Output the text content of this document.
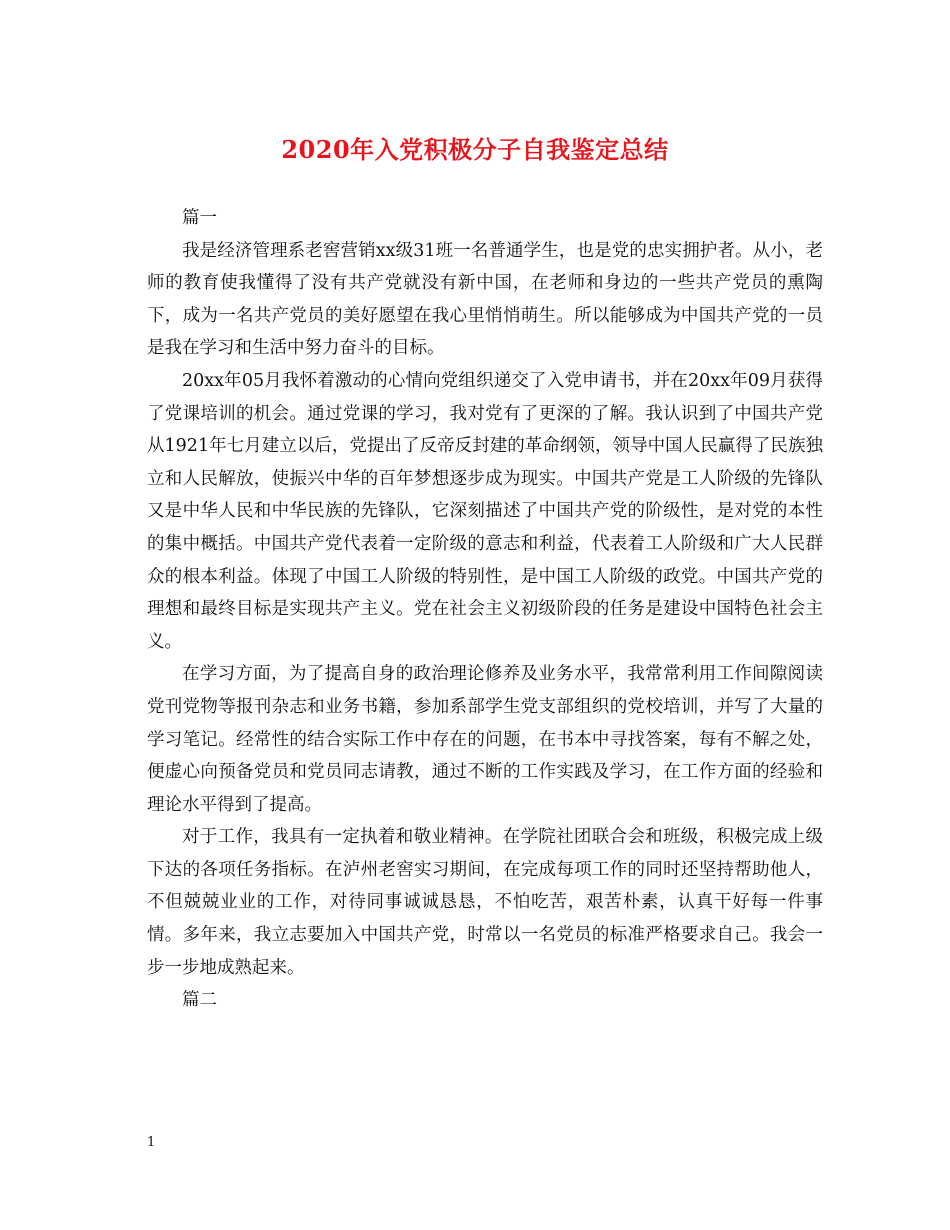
2020年入党积极分子自我鉴定总结

篇一

我是经济管理系老窖营销xx级31班一名普通学生，也是党的忠实拥护者。从小，老师的教育使我懂得了没有共产党就没有新中国，在老师和身边的一些共产党员的熏陶下，成为一名共产党员的美好愿望在我心里悄悄萌生。所以能够成为中国共产党的一员是我在学习和生活中努力奋斗的目标。

20xx年05月我怀着激动的心情向党组织递交了入党申请书，并在20xx年09月获得了党课培训的机会。通过党课的学习，我对党有了更深的了解。我认识到了中国共产党从1921年七月建立以后，党提出了反帝反封建的革命纲领，领导中国人民赢得了民族独立和人民解放，使振兴中华的百年梦想逐步成为现实。中国共产党是工人阶级的先锋队又是中华人民和中华民族的先锋队，它深刻描述了中国共产党的阶级性，是对党的本性的集中概括。中国共产党代表着一定阶级的意志和利益，代表着工人阶级和广大人民群众的根本利益。体现了中国工人阶级的特别性，是中国工人阶级的政党。中国共产党的理想和最终目标是实现共产主义。党在社会主义初级阶段的任务是建设中国特色社会主义。

在学习方面，为了提高自身的政治理论修养及业务水平，我常常利用工作间隙阅读党刊党物等报刊杂志和业务书籍，参加系部学生党支部组织的党校培训，并写了大量的学习笔记。经常性的结合实际工作中存在的问题，在书本中寻找答案，每有不解之处，便虚心向预备党员和党员同志请教，通过不断的工作实践及学习，在工作方面的经验和理论水平得到了提高。

对于工作，我具有一定执着和敬业精神。在学院社团联合会和班级，积极完成上级下达的各项任务指标。在泸州老窖实习期间，在完成每项工作的同时还坚持帮助他人，不但兢兢业业的工作，对待同事诚诚恳恳，不怕吃苦，艰苦朴素，认真干好每一件事情。多年来，我立志要加入中国共产党，时常以一名党员的标准严格要求自己。我会一步一步地成熟起来。

篇二

1
